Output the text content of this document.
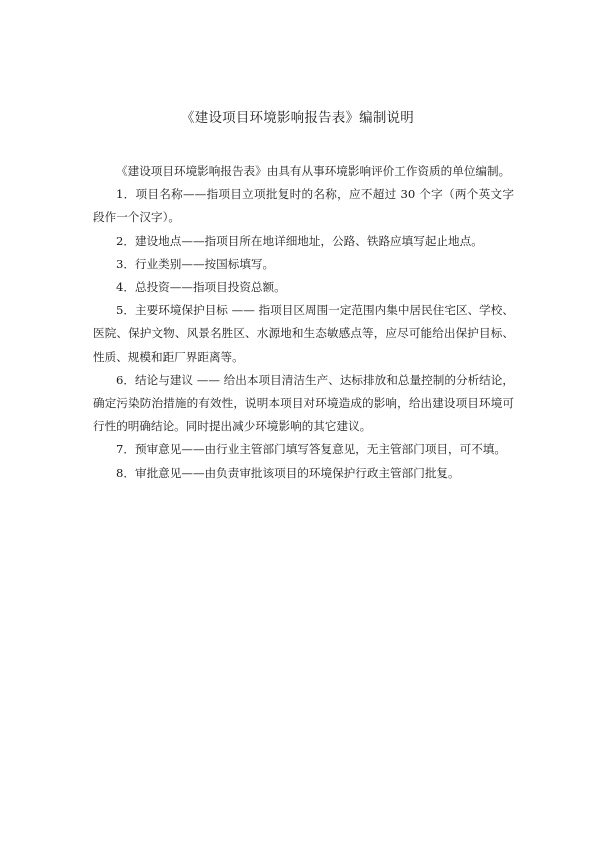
《建设项目环境影响报告表》编制说明

《建设项目环境影响报告表》由具有从事环境影响评价工作资质的单位编制。

1．项目名称——指项目立项批复时的名称，应不超过 30 个字（两个英文字段作一个汉字）。

2．建设地点——指项目所在地详细地址，公路、铁路应填写起止地点。

3．行业类别——按国标填写。

4．总投资——指项目投资总额。

5．主要环境保护目标 —— 指项目区周围一定范围内集中居民住宅区、学校、医院、保护文物、风景名胜区、水源地和生态敏感点等，应尽可能给出保护目标、性质、规模和距厂界距离等。

6．结论与建议 —— 给出本项目清洁生产、达标排放和总量控制的分析结论，确定污染防治措施的有效性，说明本项目对环境造成的影响，给出建设项目环境可行性的明确结论。同时提出减少环境影响的其它建议。

7．预审意见——由行业主管部门填写答复意见，无主管部门项目，可不填。

8．审批意见——由负责审批该项目的环境保护行政主管部门批复。
